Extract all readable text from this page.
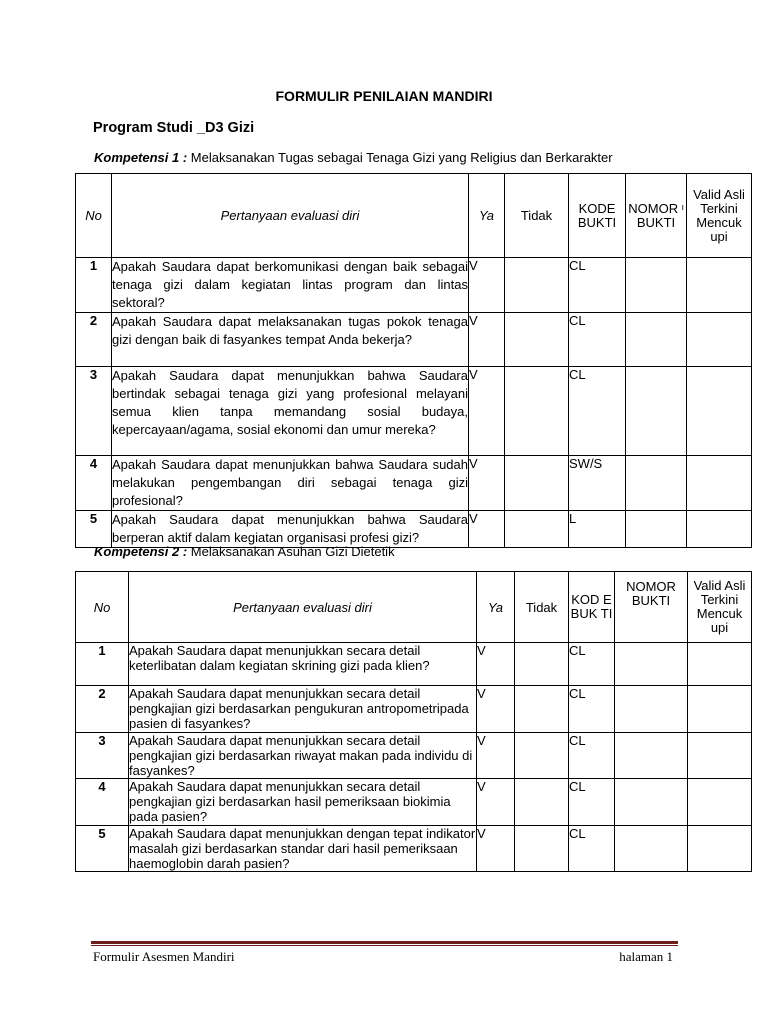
FORMULIR PENILAIAN MANDIRI
Program Studi _D3 Gizi
Kompetensi 1 : Melaksanakan Tugas sebagai Tenaga Gizi yang Religius dan Berkarakter
No	Pertanyaan evaluasi diri	Ya	Tidak	KODE BUKTI	NOMOR ᶦ BUKTI	Valid Asli Terkini Mencuk upi
1	Apakah Saudara dapat berkomunikasi dengan baik sebagai tenaga gizi dalam kegiatan lintas program dan lintas sektoral?	V		CL		
2	Apakah Saudara dapat melaksanakan tugas pokok tenaga gizi dengan baik di fasyankes tempat Anda bekerja?	V		CL		
3	Apakah Saudara dapat menunjukkan bahwa Saudara bertindak sebagai tenaga gizi yang profesional melayani semua klien tanpa memandang sosial budaya, kepercayaan/agama, sosial ekonomi dan umur mereka?	V		CL		
4	Apakah Saudara dapat menunjukkan bahwa Saudara sudah melakukan pengembangan diri sebagai tenaga gizi profesional?	V		SW/S		
5	Apakah Saudara dapat menunjukkan bahwa Saudara berperan aktif dalam kegiatan organisasi profesi gizi?	V		L		
Kompetensi 2 : Melaksanakan Asuhan Gizi Dietetik
No	Pertanyaan evaluasi diri	Ya	Tidak	KOD E BUK TI	NOMOR BUKTI	Valid Asli Terkini Mencuk upi
1	Apakah Saudara dapat menunjukkan secara detail keterlibatan dalam kegiatan skrining gizi pada klien?	V		CL		
2	Apakah Saudara dapat menunjukkan secara detail pengkajian gizi berdasarkan pengukuran antropometripada pasien di fasyankes?	V		CL		
3	Apakah Saudara dapat menunjukkan secara detail pengkajian gizi berdasarkan riwayat makan pada individu di fasyankes?	V		CL		
4	Apakah Saudara dapat menunjukkan secara detail pengkajian gizi berdasarkan hasil pemeriksaan biokimia pada pasien?	V		CL		
5	Apakah Saudara dapat menunjukkan dengan tepat indikator masalah gizi berdasarkan standar dari hasil pemeriksaan haemoglobin darah pasien?	V		CL		
Formulir Asesmen Mandiri	halaman 1
